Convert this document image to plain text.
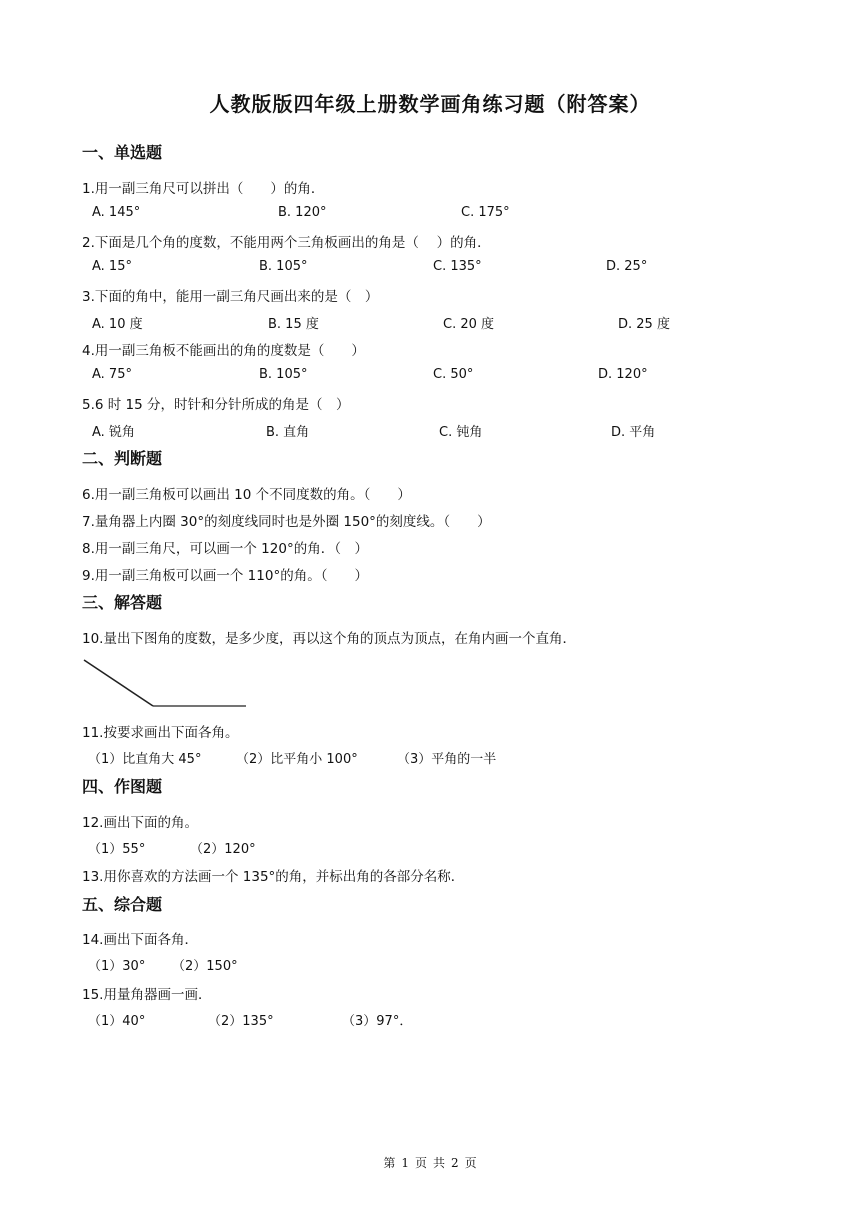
人教版版四年级上册数学画角练习题（附答案）
一、单选题
1.用一副三角尺可以拼出（　　）的角．
A. 145°	B. 120°	C. 175°
2.下面是几个角的度数，不能用两个三角板画出的角是（　 ）的角．
A. 15°	B. 105°	C. 135°	D. 25°
3.下面的角中，能用一副三角尺画出来的是（　）
A. 10 度	B. 15 度	C. 20 度	D. 25 度
4.用一副三角板不能画出的角的度数是（　　）
A. 75°	B. 105°	C. 50°	D. 120°
5.6 时 15 分，时针和分针所成的角是（　）
A. 锐角	B. 直角	C. 钝角	D. 平角
二、判断题
6.用一副三角板可以画出 10 个不同度数的角。（　　）
7.量角器上内圈 30°的刻度线同时也是外圈 150°的刻度线。（　　）
8.用一副三角尺，可以画一个 120°的角．（　）
9.用一副三角板可以画一个 110°的角。（　　）
三、解答题
10.量出下图角的度数，是多少度，再以这个角的顶点为顶点，在角内画一个直角．
11.按要求画出下面各角。
（1）比直角大 45°	（2）比平角小 100°	（3）平角的一半
四、作图题
12.画出下面的角。
（1）55°	（2）120°
13.用你喜欢的方法画一个 135°的角，并标出角的各部分名称．
五、综合题
14.画出下面各角．
（1）30° （2）150°
15.用量角器画一画．
（1）40°	（2）135°	（3）97°．
第 1 页 共 2 页
